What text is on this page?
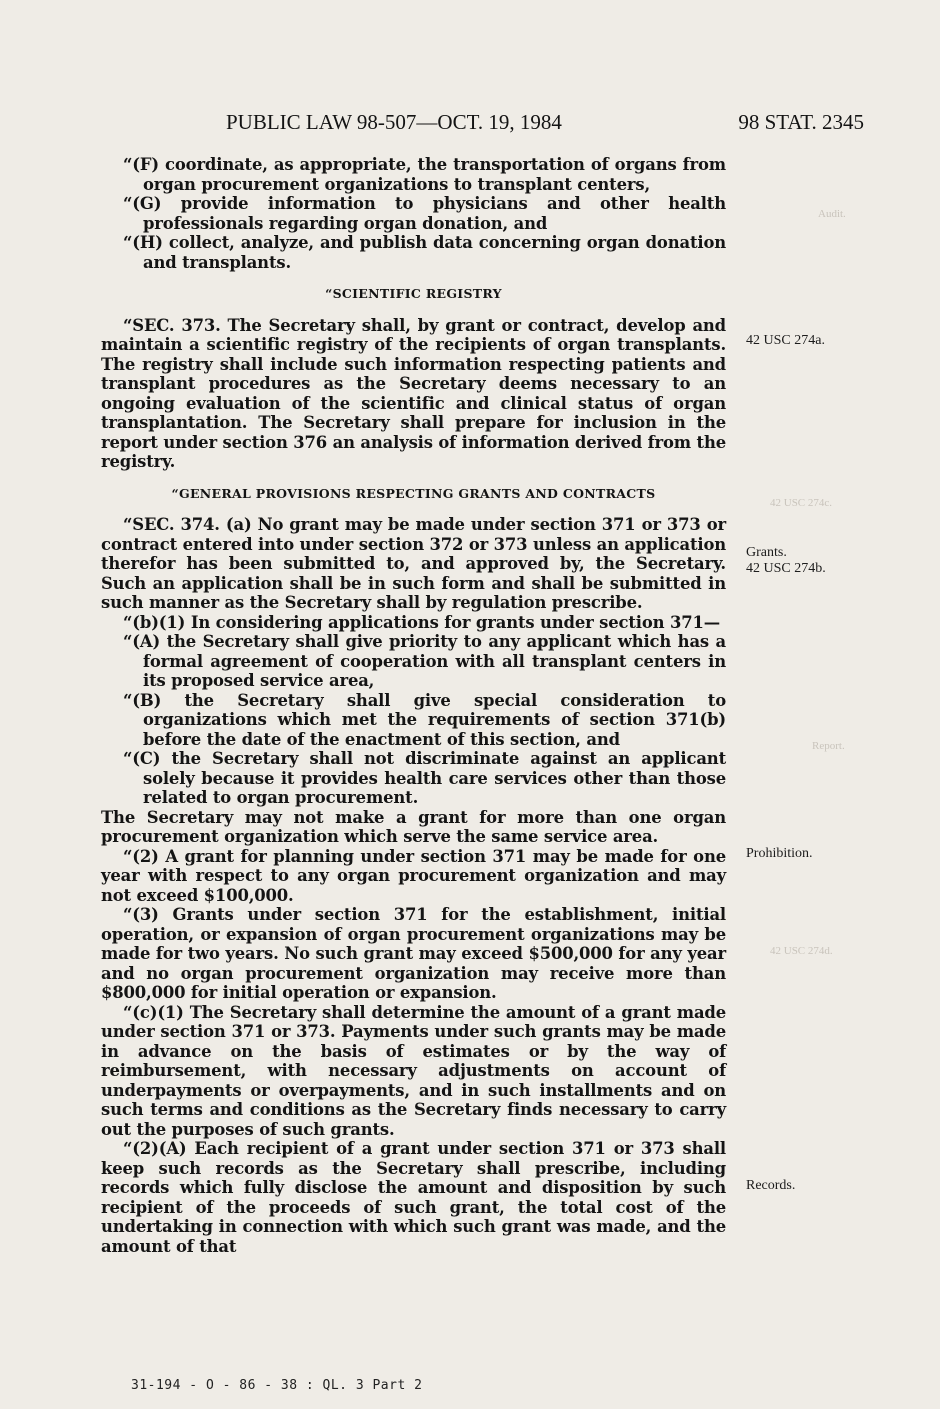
Audit.
42 USC 274c.
42 USC 274d.
Report.
PUBLIC LAW 98-507—OCT. 19, 1984	98 STAT. 2345

“(F) coordinate, as appropriate, the transportation of organs from organ procurement organizations to transplant centers,

“(G) provide information to physicians and other health professionals regarding organ donation, and

“(H) collect, analyze, and publish data concerning organ donation and transplants.

“SCIENTIFIC REGISTRY

“SEC. 373. The Secretary shall, by grant or contract, develop and maintain a scientific registry of the recipients of organ transplants. The registry shall include such information respecting patients and transplant procedures as the Secretary deems necessary to an ongoing evaluation of the scientific and clinical status of organ transplantation. The Secretary shall prepare for inclusion in the report under section 376 an analysis of information derived from the registry.

“GENERAL PROVISIONS RESPECTING GRANTS AND CONTRACTS

“SEC. 374. (a) No grant may be made under section 371 or 373 or contract entered into under section 372 or 373 unless an application therefor has been submitted to, and approved by, the Secretary. Such an application shall be in such form and shall be submitted in such manner as the Secretary shall by regulation prescribe.

“(b)(1) In considering applications for grants under section 371—

“(A) the Secretary shall give priority to any applicant which has a formal agreement of cooperation with all transplant centers in its proposed service area,

“(B) the Secretary shall give special consideration to organizations which met the requirements of section 371(b) before the date of the enactment of this section, and

“(C) the Secretary shall not discriminate against an applicant solely because it provides health care services other than those related to organ procurement.

The Secretary may not make a grant for more than one organ procurement organization which serve the same service area.

“(2) A grant for planning under section 371 may be made for one year with respect to any organ procurement organization and may not exceed $100,000.

“(3) Grants under section 371 for the establishment, initial operation, or expansion of organ procurement organizations may be made for two years. No such grant may exceed $500,000 for any year and no organ procurement organization may receive more than $800,000 for initial operation or expansion.

“(c)(1) The Secretary shall determine the amount of a grant made under section 371 or 373. Payments under such grants may be made in advance on the basis of estimates or by the way of reimbursement, with necessary adjustments on account of underpayments or overpayments, and in such installments and on such terms and conditions as the Secretary finds necessary to carry out the purposes of such grants.

“(2)(A) Each recipient of a grant under section 371 or 373 shall keep such records as the Secretary shall prescribe, including records which fully disclose the amount and disposition by such recipient of the proceeds of such grant, the total cost of the undertaking in connection with which such grant was made, and the amount of that

42 USC 274a.
Grants.
42 USC 274b.
Prohibition.
Records.
31-194 - O - 86 - 38 : QL. 3 Part 2
